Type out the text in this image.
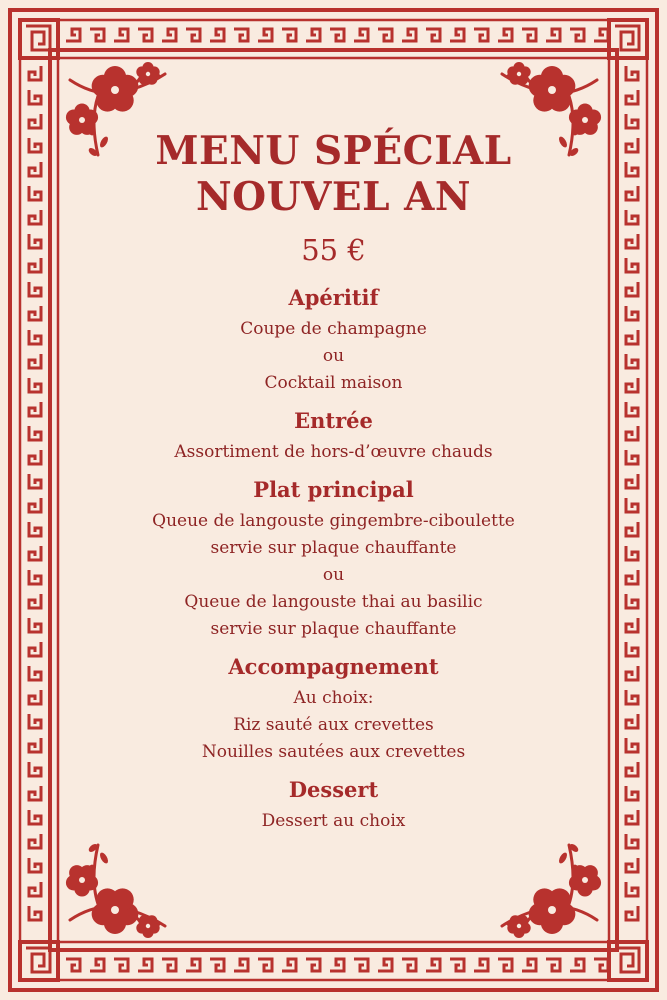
MENU SPÉCIAL
NOUVEL AN
55 €
Apéritif
Coupe de champagne
ou
Cocktail maison
Entrée
Assortiment de hors-d’œuvre chauds
Plat principal
Queue de langouste gingembre-ciboulette
servie sur plaque chauffante
ou
Queue de langouste thai au basilic
servie sur plaque chauffante
Accompagnement
Au choix:
Riz sauté aux crevettes
Nouilles sautées aux crevettes
Dessert
Dessert au choix
